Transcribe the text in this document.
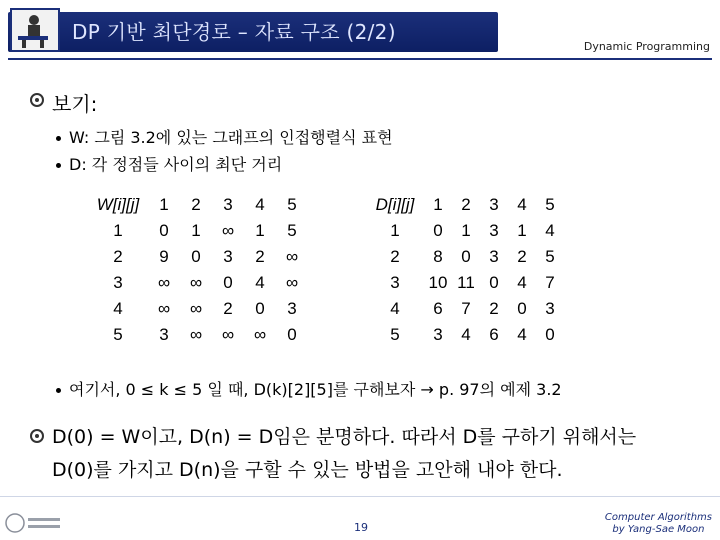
DP 기반 최단경로 – 자료 구조 (2/2)
Dynamic Programming
보기:
W: 그림 3.2에 있는 그래프의 인접행렬식 표현
D: 각 정점들 사이의 최단 거리
W[i][j]	1	2	3	4	5
1	0	1	∞	1	5
2	9	0	3	2	∞
3	∞	∞	0	4	∞
4	∞	∞	2	0	3
5	3	∞	∞	∞	0
D[i][j]	1	2	3	4	5
1	0	1	3	1	4
2	8	0	3	2	5
3	10	11	0	4	7
4	6	7	2	0	3
5	3	4	6	4	0
여기서, 0 ≤ k ≤ 5 일 때, D(k)[2][5]를 구해보자 → p. 97의 예제 3.2
D(0) = W이고, D(n) = D임은 분명하다. 따라서 D를 구하기 위해서는
D(0)를 가지고 D(n)을 구할 수 있는 방법을 고안해 내야 한다.
19
Computer Algorithms
by Yang-Sae Moon
